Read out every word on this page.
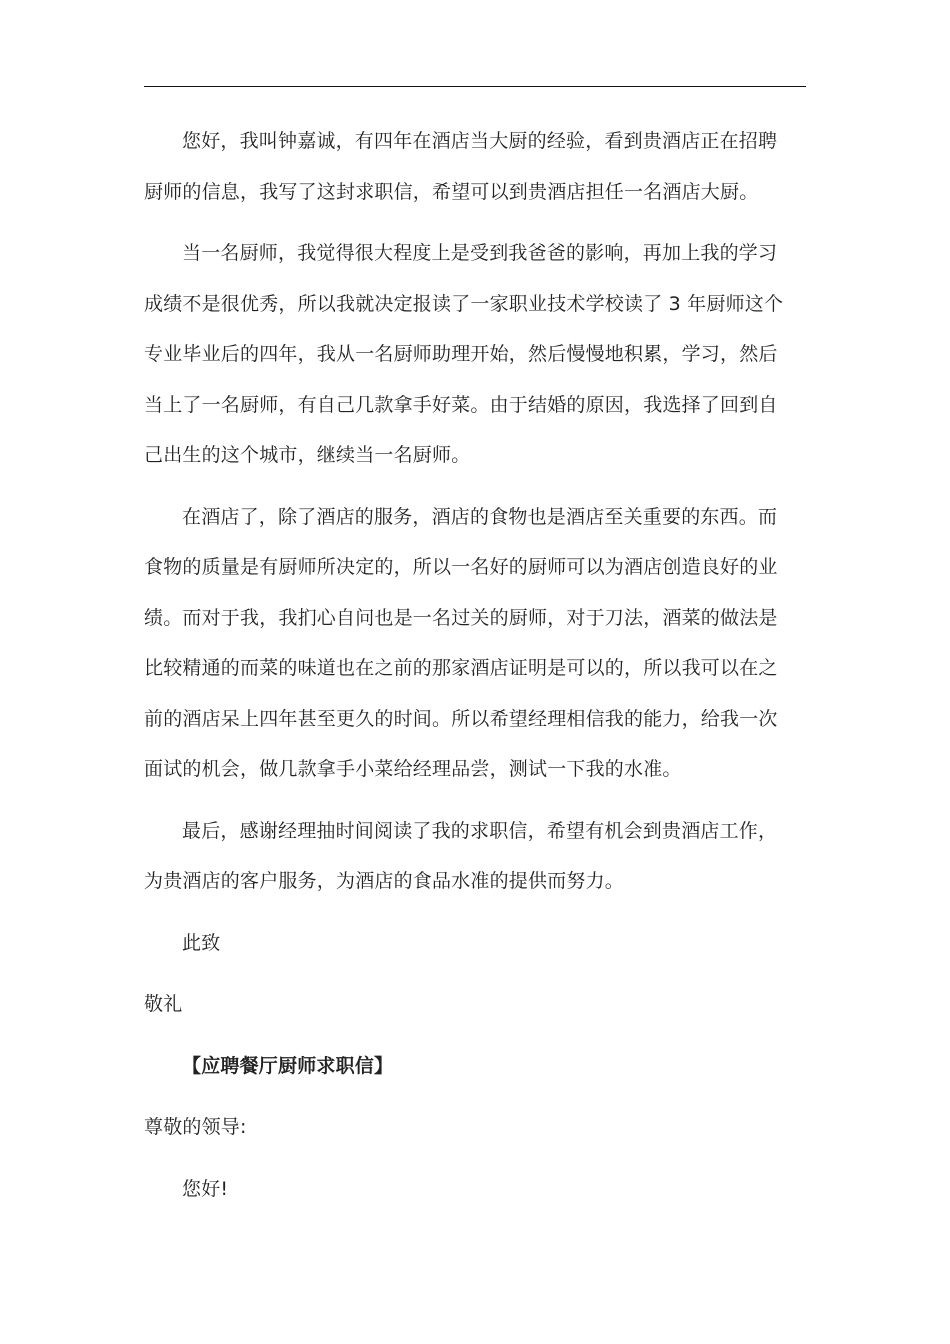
您好，我叫钟嘉诚，有四年在酒店当大厨的经验，看到贵酒店正在招聘厨师的信息，我写了这封求职信，希望可以到贵酒店担任一名酒店大厨。

当一名厨师，我觉得很大程度上是受到我爸爸的影响，再加上我的学习成绩不是很优秀，所以我就决定报读了一家职业技术学校读了 3 年厨师这个专业毕业后的四年，我从一名厨师助理开始，然后慢慢地积累，学习，然后当上了一名厨师，有自己几款拿手好菜。由于结婚的原因，我选择了回到自己出生的这个城市，继续当一名厨师。

在酒店了，除了酒店的服务，酒店的食物也是酒店至关重要的东西。而食物的质量是有厨师所决定的，所以一名好的厨师可以为酒店创造良好的业绩。而对于我，我扪心自问也是一名过关的厨师，对于刀法，酒菜的做法是比较精通的而菜的味道也在之前的那家酒店证明是可以的，所以我可以在之前的酒店呆上四年甚至更久的时间。所以希望经理相信我的能力，给我一次面试的机会，做几款拿手小菜给经理品尝，测试一下我的水准。

最后，感谢经理抽时间阅读了我的求职信，希望有机会到贵酒店工作，为贵酒店的客户服务，为酒店的食品水准的提供而努力。

此致

敬礼

【应聘餐厅厨师求职信】

尊敬的领导:

您好!
